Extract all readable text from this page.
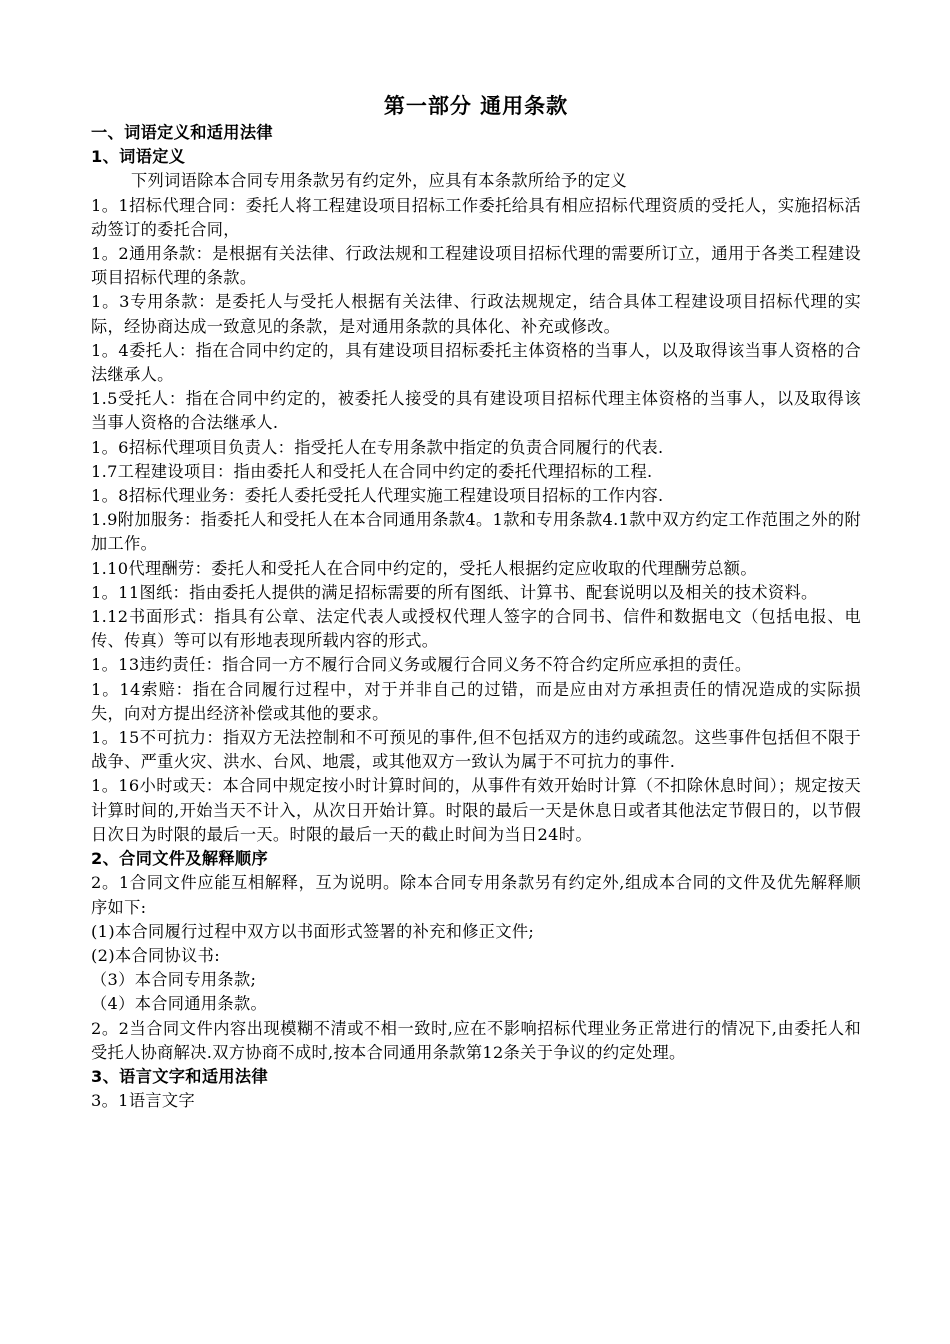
第一部分 通用条款
一、词语定义和适用法律
1、词语定义
下列词语除本合同专用条款另有约定外，应具有本条款所给予的定义
1。1招标代理合同：委托人将工程建设项目招标工作委托给具有相应招标代理资质的受托人，实施招标活动签订的委托合同，
1。2通用条款：是根据有关法律、行政法规和工程建设项目招标代理的需要所订立，通用于各类工程建设项目招标代理的条款。
1。3专用条款：是委托人与受托人根据有关法律、行政法规规定，结合具体工程建设项目招标代理的实际，经协商达成一致意见的条款，是对通用条款的具体化、补充或修改。
1。4委托人：指在合同中约定的，具有建设项目招标委托主体资格的当事人，以及取得该当事人资格的合法继承人。
1.5受托人：指在合同中约定的，被委托人接受的具有建设项目招标代理主体资格的当事人，以及取得该当事人资格的合法继承人.
1。6招标代理项目负责人：指受托人在专用条款中指定的负责合同履行的代表.
1.7工程建设项目：指由委托人和受托人在合同中约定的委托代理招标的工程.
1。8招标代理业务：委托人委托受托人代理实施工程建设项目招标的工作内容.
1.9附加服务：指委托人和受托人在本合同通用条款4。1款和专用条款4.1款中双方约定工作范围之外的附加工作。
1.10代理酬劳：委托人和受托人在合同中约定的，受托人根据约定应收取的代理酬劳总额。
1。11图纸：指由委托人提供的满足招标需要的所有图纸、计算书、配套说明以及相关的技术资料。
1.12书面形式：指具有公章、法定代表人或授权代理人签字的合同书、信件和数据电文（包括电报、电传、传真）等可以有形地表现所载内容的形式。
1。13违约责任：指合同一方不履行合同义务或履行合同义务不符合约定所应承担的责任。
1。14索赔：指在合同履行过程中，对于并非自己的过错，而是应由对方承担责任的情况造成的实际损失，向对方提出经济补偿或其他的要求。
1。15不可抗力：指双方无法控制和不可预见的事件,但不包括双方的违约或疏忽。这些事件包括但不限于战争、严重火灾、洪水、台风、地震，或其他双方一致认为属于不可抗力的事件.
1。16小时或天：本合同中规定按小时计算时间的，从事件有效开始时计算（不扣除休息时间）；规定按天计算时间的,开始当天不计入，从次日开始计算。时限的最后一天是休息日或者其他法定节假日的，以节假日次日为时限的最后一天。时限的最后一天的截止时间为当日24时。
2、合同文件及解释顺序
2。1合同文件应能互相解释，互为说明。除本合同专用条款另有约定外,组成本合同的文件及优先解释顺序如下:
(1)本合同履行过程中双方以书面形式签署的补充和修正文件;
(2)本合同协议书:
（3）本合同专用条款;
（4）本合同通用条款。
2。2当合同文件内容出现模糊不清或不相一致时,应在不影响招标代理业务正常进行的情况下,由委托人和受托人协商解决.双方协商不成时,按本合同通用条款第12条关于争议的约定处理。
3、语言文字和适用法律
3。1语言文字
